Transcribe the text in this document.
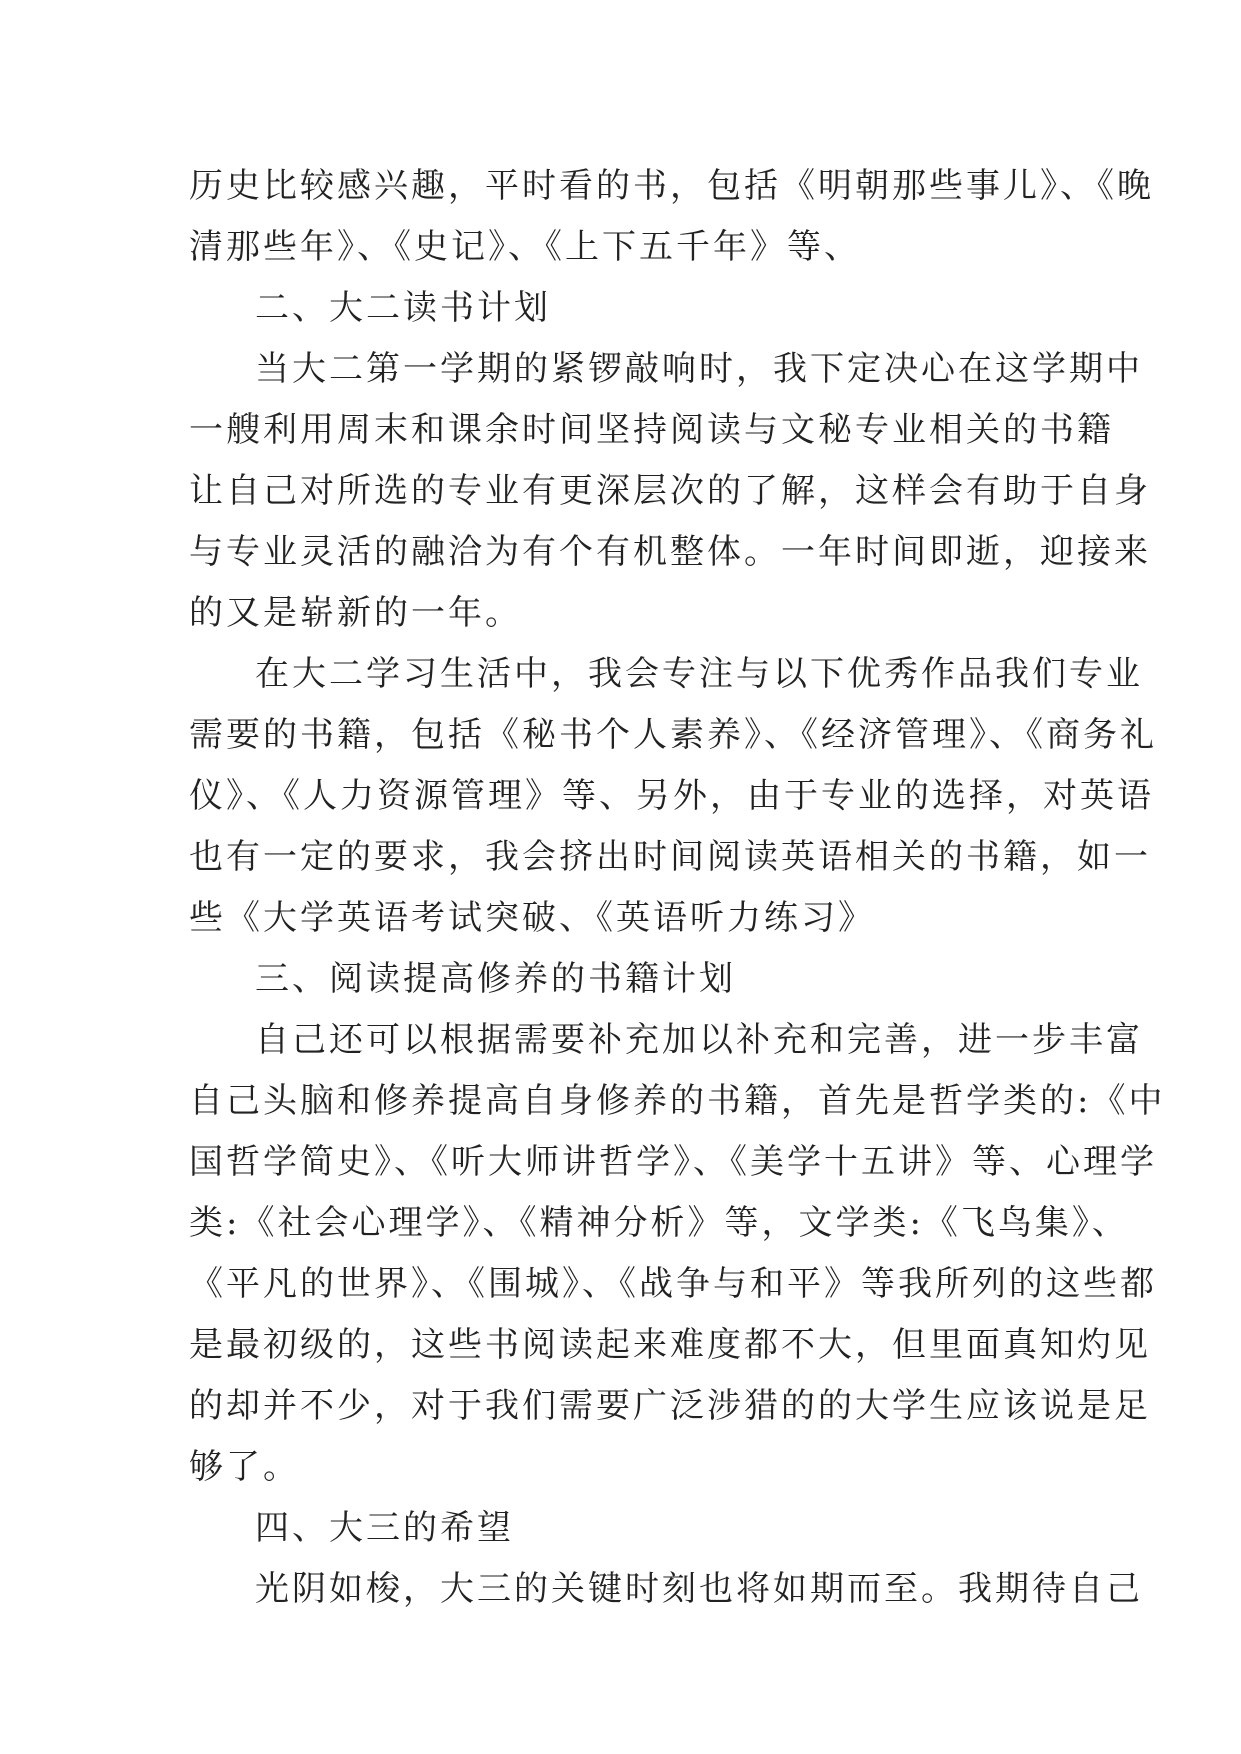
历史比较感兴趣，平时看的书，包括《明朝那些事儿》、《晚
清那些年》、《史记》、《上下五千年》等、
二、大二读书计划
当大二第一学期的紧锣敲响时，我下定决心在这学期中
一艘利用周末和课余时间坚持阅读与文秘专业相关的书籍
让自己对所选的专业有更深层次的了解，这样会有助于自身
与专业灵活的融洽为有个有机整体。一年时间即逝，迎接来
的又是崭新的一年。
在大二学习生活中，我会专注与以下优秀作品我们专业
需要的书籍，包括《秘书个人素养》、《经济管理》、《商务礼
仪》、《人力资源管理》等、另外，由于专业的选择，对英语
也有一定的要求，我会挤出时间阅读英语相关的书籍，如一
些《大学英语考试突破、《英语听力练习》
三、阅读提高修养的书籍计划
自己还可以根据需要补充加以补充和完善，进一步丰富
自己头脑和修养提高自身修养的书籍，首先是哲学类的:《中
国哲学简史》、《听大师讲哲学》、《美学十五讲》等、心理学
类:《社会心理学》、《精神分析》等，文学类:《飞鸟集》、
《平凡的世界》、《围城》、《战争与和平》等我所列的这些都
是最初级的，这些书阅读起来难度都不大，但里面真知灼见
的却并不少，对于我们需要广泛涉猎的的大学生应该说是足
够了。
四、大三的希望
光阴如梭，大三的关键时刻也将如期而至。我期待自己
